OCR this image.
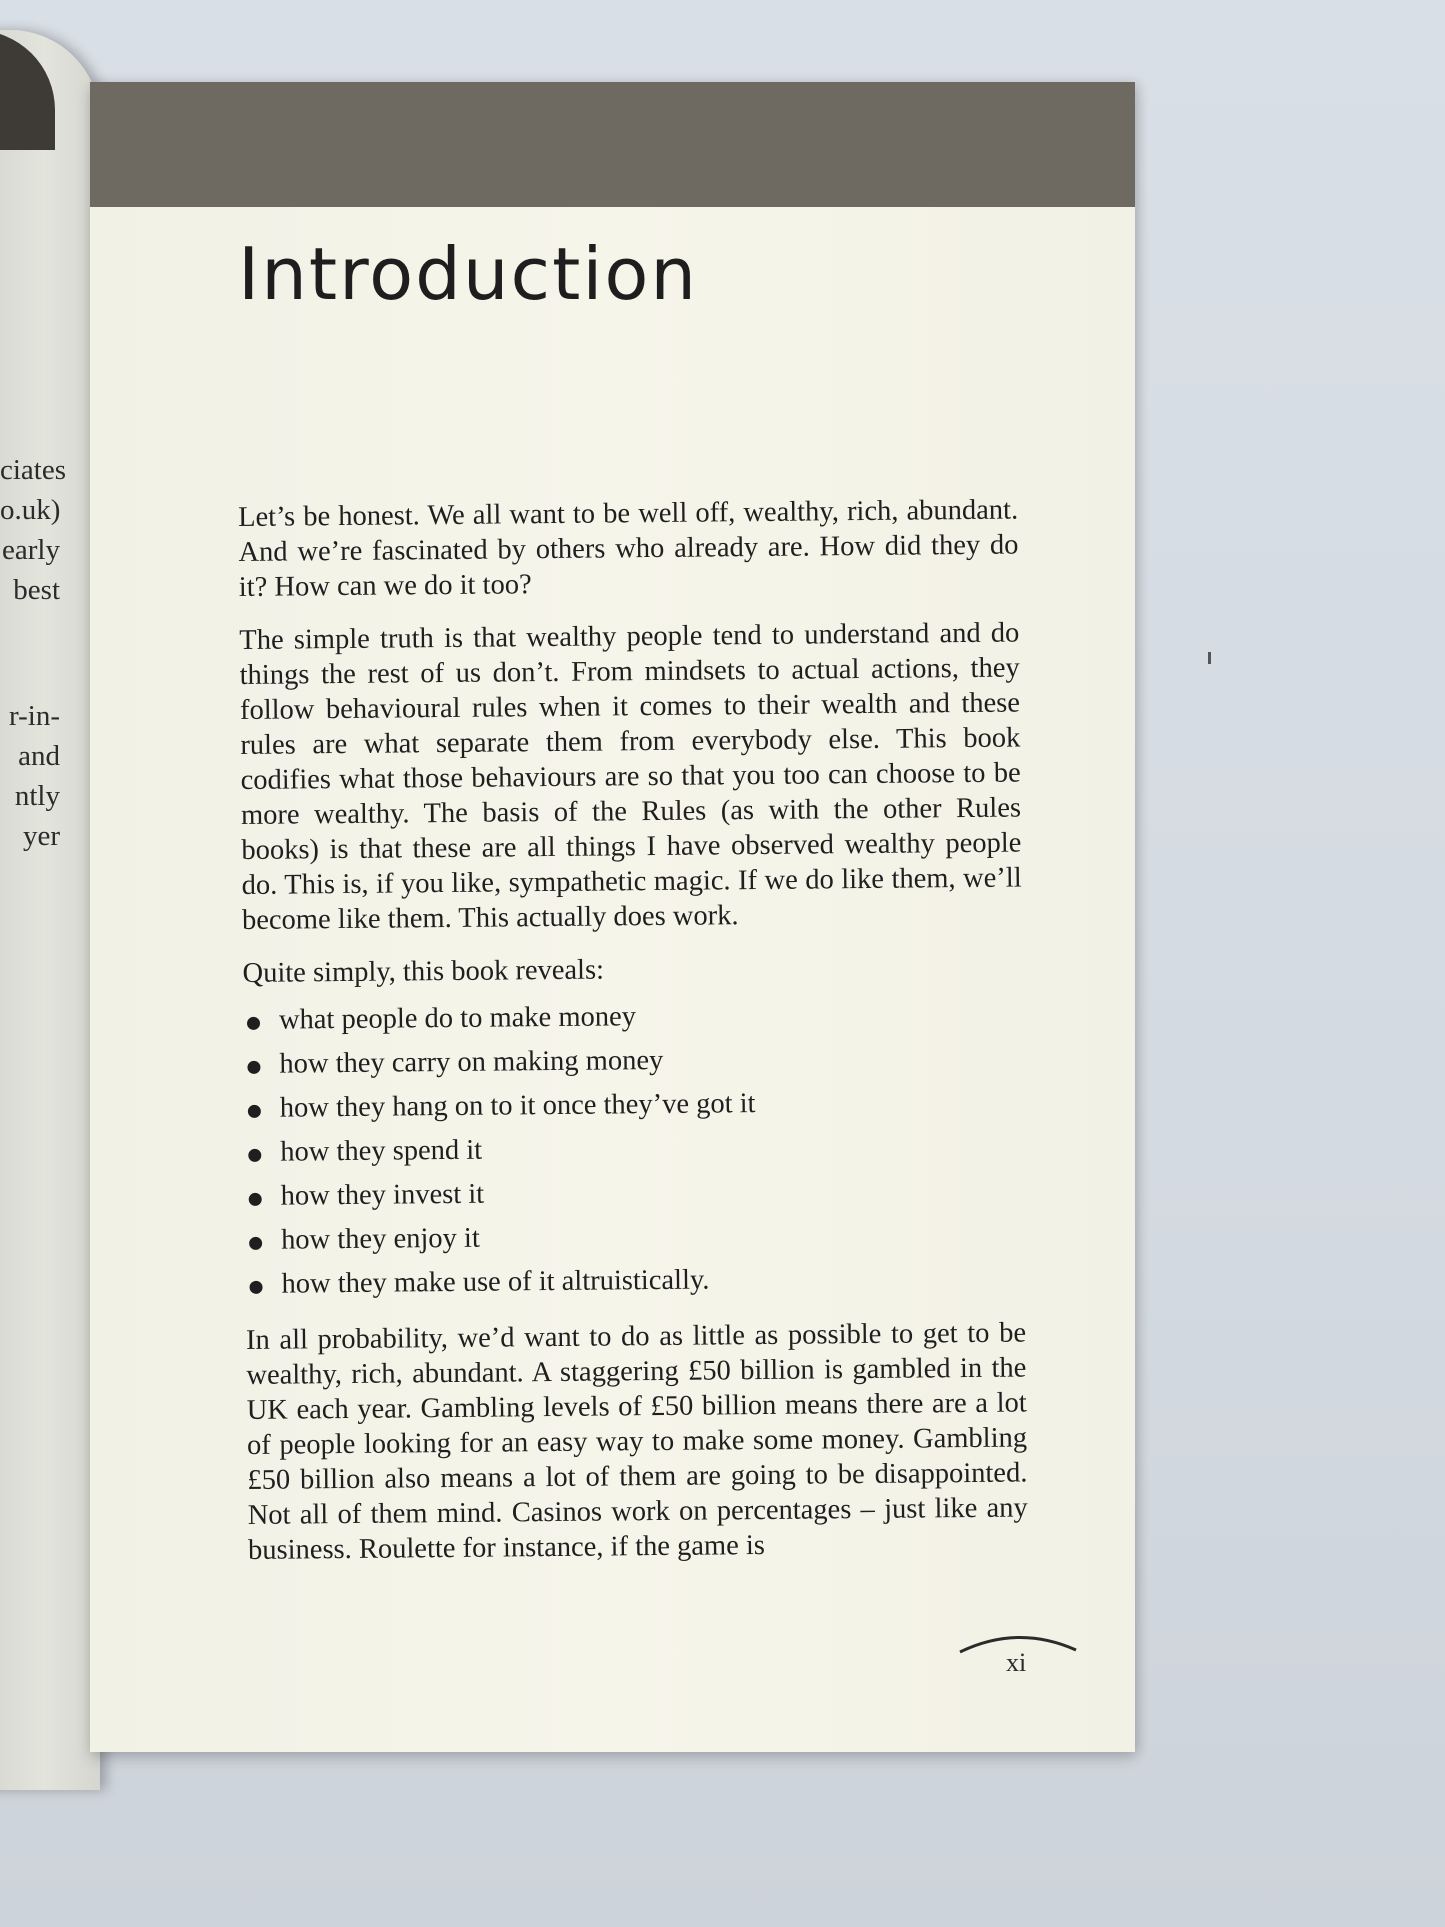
ciates
o.uk)
early
best
r-in-
and
ntly
yer
Introduction

Let’s be honest. We all want to be well off, wealthy, rich, abundant. And we’re fascinated by others who already are. How did they do it? How can we do it too?

The simple truth is that wealthy people tend to understand and do things the rest of us don’t. From mindsets to actual actions, they follow behavioural rules when it comes to their wealth and these rules are what separate them from everybody else. This book codifies what those behaviours are so that you too can choose to be more wealthy. The basis of the Rules (as with the other Rules books) is that these are all things I have observed wealthy people do. This is, if you like, sympathetic magic. If we do like them, we’ll become like them. This actually does work.

Quite simply, this book reveals:

what people do to make money
how they carry on making money
how they hang on to it once they’ve got it
how they spend it
how they invest it
how they enjoy it
how they make use of it altruistically.

In all probability, we’d want to do as little as possible to get to be wealthy, rich, abundant. A staggering £50 billion is gambled in the UK each year. Gambling levels of £50 billion means there are a lot of people looking for an easy way to make some money. Gambling £50 billion also means a lot of them are going to be disappointed. Not all of them mind. Casinos work on percentages – just like any business. Roulette for instance, if the game is

xi
